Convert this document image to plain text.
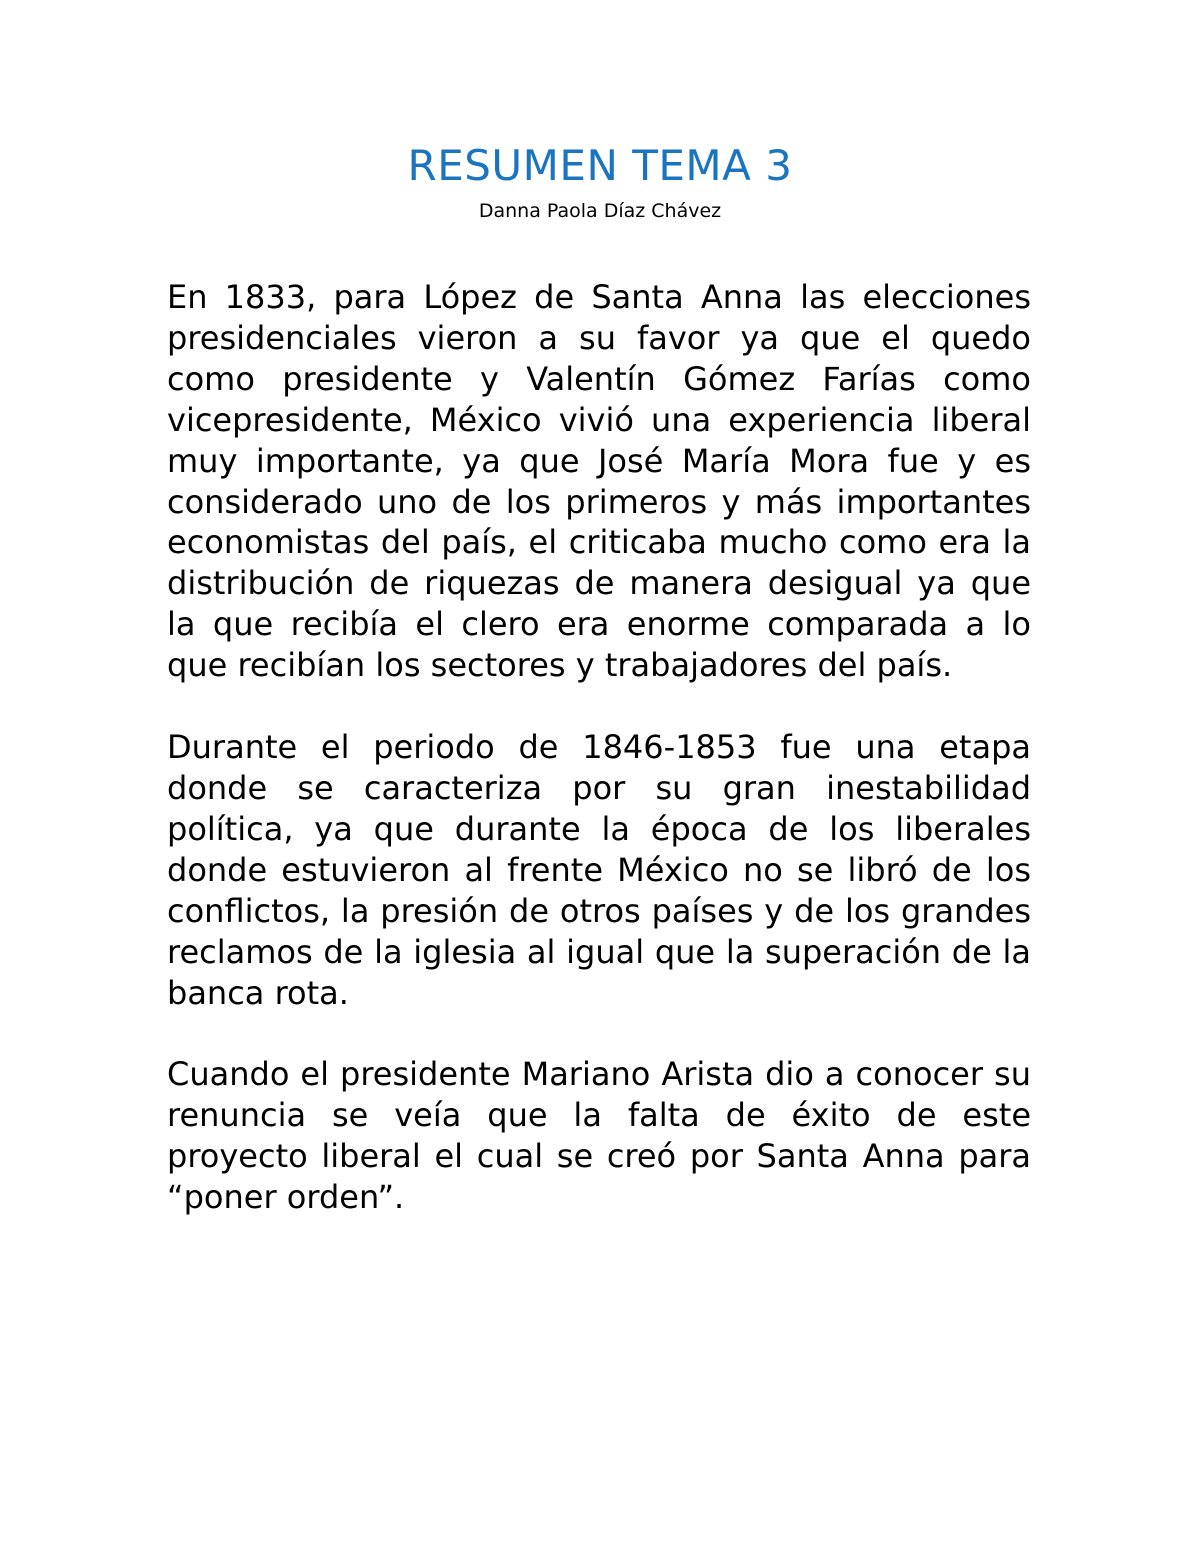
RESUMEN TEMA 3
Danna Paola Díaz Chávez

En 1833, para López de Santa Anna las elecciones presidenciales vieron a su favor ya que el quedo como presidente y Valentín Gómez Farías como vicepresidente, México vivió una experiencia liberal muy importante, ya que José María Mora fue y es considerado uno de los primeros y más importantes economistas del país, el criticaba mucho como era la distribución de riquezas de manera desigual ya que la que recibía el clero era enorme comparada a lo que recibían los sectores y trabajadores del país.

Durante el periodo de 1846-1853 fue una etapa donde se caracteriza por su gran inestabilidad política, ya que durante la época de los liberales donde estuvieron al frente México no se libró de los conflictos, la presión de otros países y de los grandes reclamos de la iglesia al igual que la superación de la banca rota.

Cuando el presidente Mariano Arista dio a conocer su renuncia se veía que la falta de éxito de este proyecto liberal el cual se creó por Santa Anna para “poner orden”.
